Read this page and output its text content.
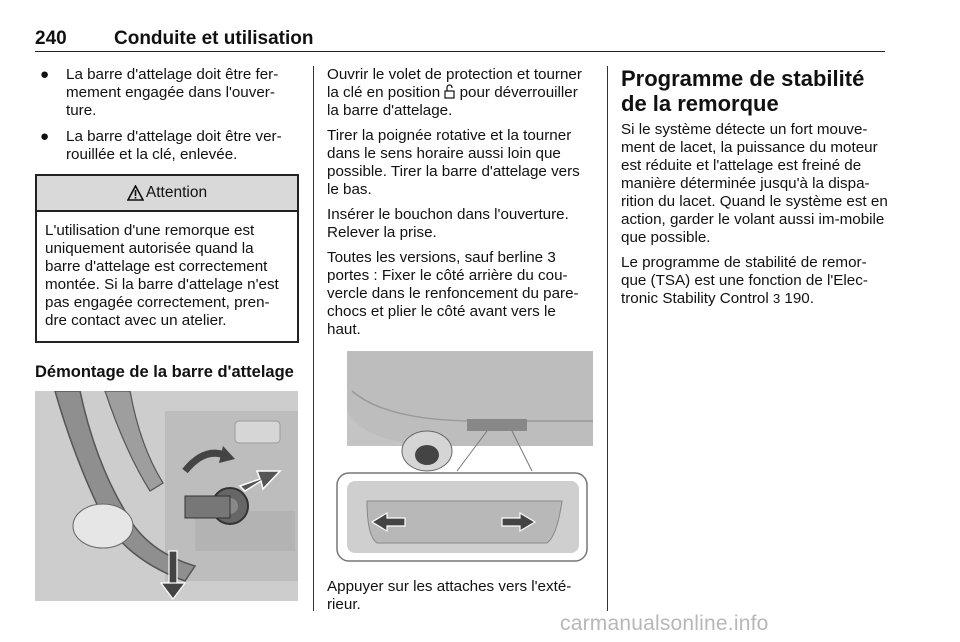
240 Conduite et utilisation
● La barre d'attelage doit être fer-mement engagée dans l'ouver-ture.
● La barre d'attelage doit être ver-rouillée et la clé, enlevée.
Attention
L'utilisation d'une remorque est uniquement autorisée quand la barre d'attelage est correctement montée. Si la barre d'attelage n'est pas engagée correctement, pren-dre contact avec un atelier.
Démontage de la barre d'attelage

Ouvrir le volet de protection et tourner la clé en position  pour déverrouiller la barre d'attelage.

Tirer la poignée rotative et la tourner dans le sens horaire aussi loin que possible. Tirer la barre d'attelage vers le bas.

Insérer le bouchon dans l'ouverture. Relever la prise.

Toutes les versions, sauf berline 3 portes : Fixer le côté arrière du cou-vercle dans le renfoncement du pare-chocs et plier le côté avant vers le haut.

Appuyer sur les attaches vers l'exté-rieur.

Programme de stabilité de la remorque

Si le système détecte un fort mouve-ment de lacet, la puissance du moteur est réduite et l'attelage est freiné de manière déterminée jusqu'à la dispa-rition du lacet. Quand le système est en action, garder le volant aussi im-mobile que possible.

Le programme de stabilité de remor-que (TSA) est une fonction de l'Elec-tronic Stability Control 3 190.

carmanualsonline.info
